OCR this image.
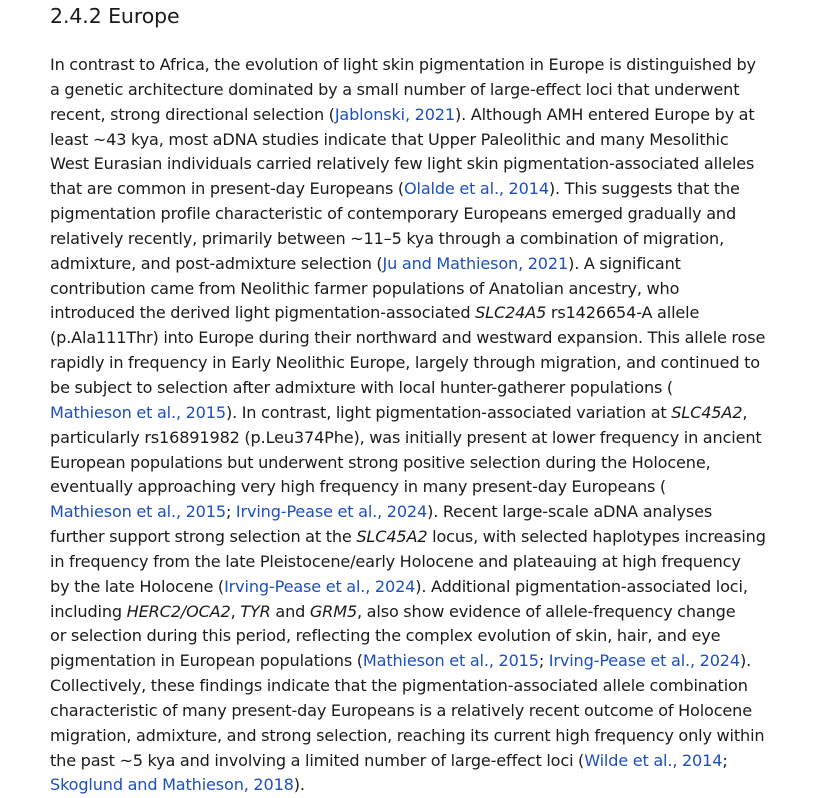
2.4.2 Europe

In contrast to Africa, the evolution of light skin pigmentation in Europe is distinguished by
a genetic architecture dominated by a small number of large-effect loci that underwent
recent, strong directional selection (Jablonski, 2021). Although AMH entered Europe by at
least ~43 kya, most aDNA studies indicate that Upper Paleolithic and many Mesolithic
West Eurasian individuals carried relatively few light skin pigmentation-associated alleles
that are common in present-day Europeans (Olalde et al., 2014). This suggests that the
pigmentation profile characteristic of contemporary Europeans emerged gradually and
relatively recently, primarily between ~11–5 kya through a combination of migration,
admixture, and post-admixture selection (Ju and Mathieson, 2021). A significant
contribution came from Neolithic farmer populations of Anatolian ancestry, who
introduced the derived light pigmentation-associated SLC24A5 rs1426654-A allele
(p.Ala111Thr) into Europe during their northward and westward expansion. This allele rose
rapidly in frequency in Early Neolithic Europe, largely through migration, and continued to
be subject to selection after admixture with local hunter-gatherer populations (
Mathieson et al., 2015). In contrast, light pigmentation-associated variation at SLC45A2,
particularly rs16891982 (p.Leu374Phe), was initially present at lower frequency in ancient
European populations but underwent strong positive selection during the Holocene,
eventually approaching very high frequency in many present-day Europeans (
Mathieson et al., 2015; Irving-Pease et al., 2024). Recent large-scale aDNA analyses
further support strong selection at the SLC45A2 locus, with selected haplotypes increasing
in frequency from the late Pleistocene/early Holocene and plateauing at high frequency
by the late Holocene (Irving-Pease et al., 2024). Additional pigmentation-associated loci,
including HERC2/OCA2, TYR and GRM5, also show evidence of allele-frequency change
or selection during this period, reflecting the complex evolution of skin, hair, and eye
pigmentation in European populations (Mathieson et al., 2015; Irving-Pease et al., 2024).
Collectively, these findings indicate that the pigmentation-associated allele combination
characteristic of many present-day Europeans is a relatively recent outcome of Holocene
migration, admixture, and strong selection, reaching its current high frequency only within
the past ~5 kya and involving a limited number of large-effect loci (Wilde et al., 2014;
Skoglund and Mathieson, 2018).
